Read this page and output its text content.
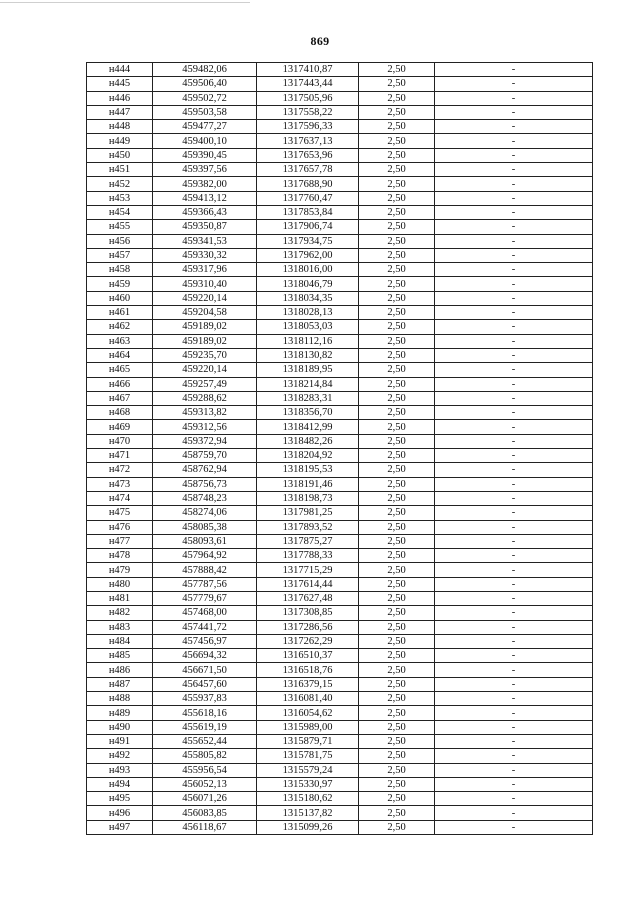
869
н444	459482,06	1317410,87	2,50	-
н445	459506,40	1317443,44	2,50	-
н446	459502,72	1317505,96	2,50	-
н447	459503,58	1317558,22	2,50	-
н448	459477,27	1317596,33	2,50	-
н449	459400,10	1317637,13	2,50	-
н450	459390,45	1317653,96	2,50	-
н451	459397,56	1317657,78	2,50	-
н452	459382,00	1317688,90	2,50	-
н453	459413,12	1317760,47	2,50	-
н454	459366,43	1317853,84	2,50	-
н455	459350,87	1317906,74	2,50	-
н456	459341,53	1317934,75	2,50	-
н457	459330,32	1317962,00	2,50	-
н458	459317,96	1318016,00	2,50	-
н459	459310,40	1318046,79	2,50	-
н460	459220,14	1318034,35	2,50	-
н461	459204,58	1318028,13	2,50	-
н462	459189,02	1318053,03	2,50	-
н463	459189,02	1318112,16	2,50	-
н464	459235,70	1318130,82	2,50	-
н465	459220,14	1318189,95	2,50	-
н466	459257,49	1318214,84	2,50	-
н467	459288,62	1318283,31	2,50	-
н468	459313,82	1318356,70	2,50	-
н469	459312,56	1318412,99	2,50	-
н470	459372,94	1318482,26	2,50	-
н471	458759,70	1318204,92	2,50	-
н472	458762,94	1318195,53	2,50	-
н473	458756,73	1318191,46	2,50	-
н474	458748,23	1318198,73	2,50	-
н475	458274,06	1317981,25	2,50	-
н476	458085,38	1317893,52	2,50	-
н477	458093,61	1317875,27	2,50	-
н478	457964,92	1317788,33	2,50	-
н479	457888,42	1317715,29	2,50	-
н480	457787,56	1317614,44	2,50	-
н481	457779,67	1317627,48	2,50	-
н482	457468,00	1317308,85	2,50	-
н483	457441,72	1317286,56	2,50	-
н484	457456,97	1317262,29	2,50	-
н485	456694,32	1316510,37	2,50	-
н486	456671,50	1316518,76	2,50	-
н487	456457,60	1316379,15	2,50	-
н488	455937,83	1316081,40	2,50	-
н489	455618,16	1316054,62	2,50	-
н490	455619,19	1315989,00	2,50	-
н491	455652,44	1315879,71	2,50	-
н492	455805,82	1315781,75	2,50	-
н493	455956,54	1315579,24	2,50	-
н494	456052,13	1315330,97	2,50	-
н495	456071,26	1315180,62	2,50	-
н496	456083,85	1315137,82	2,50	-
н497	456118,67	1315099,26	2,50	-
